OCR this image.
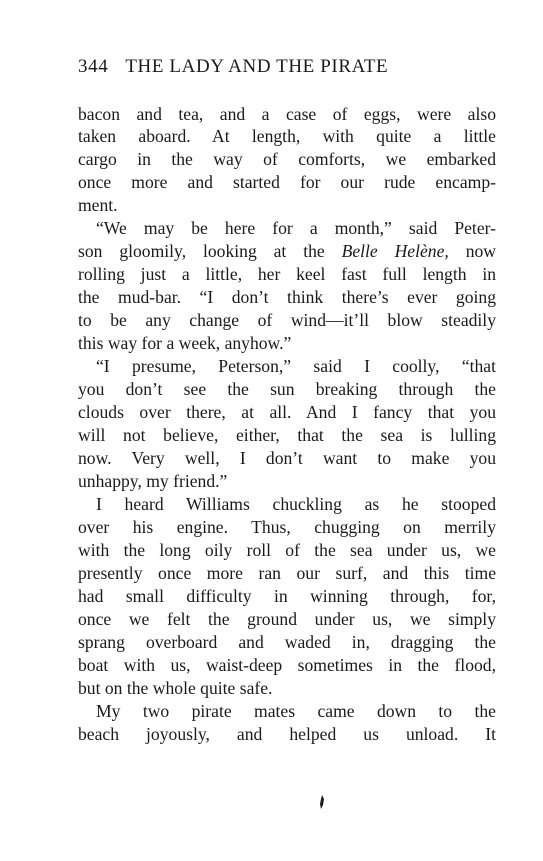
344 THE LADY AND THE PIRATE
bacon and tea, and a case of eggs, were also
taken aboard. At length, with quite a little
cargo in the way of comforts, we embarked
once more and started for our rude encamp-
ment.
“We may be here for a month,” said Peter-
son gloomily, looking at the Belle Helène, now
rolling just a little, her keel fast full length in
the mud-bar. “I don’t think there’s ever going
to be any change of wind—it’ll blow steadily
this way for a week, anyhow.”
“I presume, Peterson,” said I coolly, “that
you don’t see the sun breaking through the
clouds over there, at all. And I fancy that you
will not believe, either, that the sea is lulling
now. Very well, I don’t want to make you
unhappy, my friend.”
I heard Williams chuckling as he stooped
over his engine. Thus, chugging on merrily
with the long oily roll of the sea under us, we
presently once more ran our surf, and this time
had small difficulty in winning through, for,
once we felt the ground under us, we simply
sprang overboard and waded in, dragging the
boat with us, waist-deep sometimes in the flood,
but on the whole quite safe.
My two pirate mates came down to the
beach joyously, and helped us unload. It
